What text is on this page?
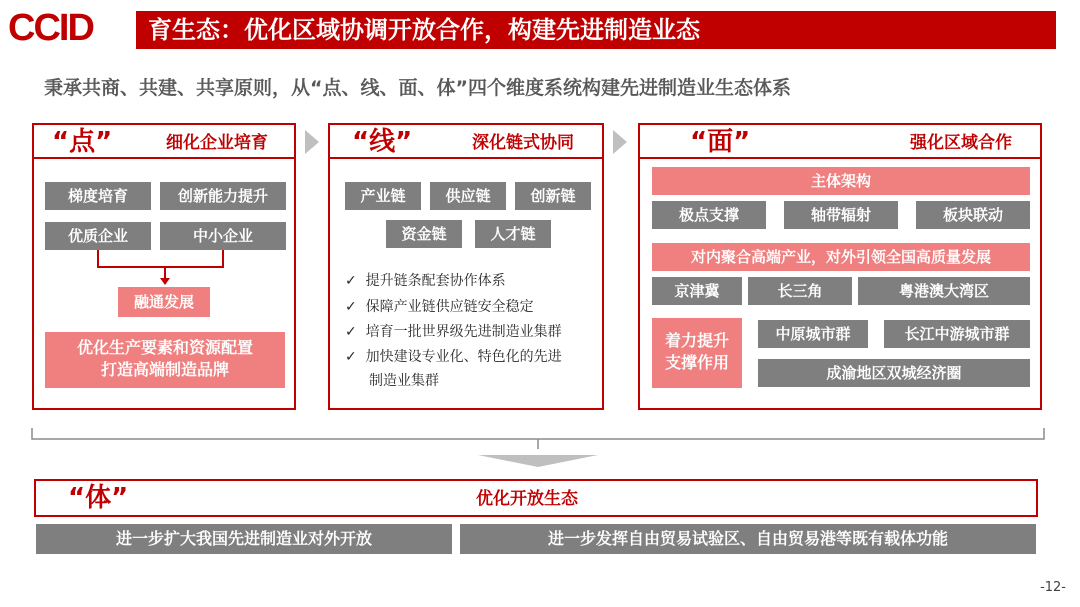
CCID	育生态：优化区域协调开放合作，构建先进制造业态
秉承共商、共建、共享原则，从“点、线、面、体”四个维度系统构建先进制造业生态体系
“点”	细化企业培育
梯度培育	创新能力提升
优质企业	中小企业
融通发展
优化生产要素和资源配置
打造高端制造品牌
“线”	深化链式协同
产业链	供应链	创新链
资金链	人才链
✓ 提升链条配套协作体系
✓ 保障产业链供应链安全稳定
✓ 培育一批世界级先进制造业集群
✓ 加快建设专业化、特色化的先进
制造业集群
“面”	强化区域合作
主体架构
极点支撑	轴带辐射	板块联动
对内聚合高端产业，对外引领全国高质量发展
京津冀	长三角	粤港澳大湾区
着力提升
支撑作用
中原城市群	长江中游城市群
成渝地区双城经济圈
“体”	优化开放生态
进一步扩大我国先进制造业对外开放	进一步发挥自由贸易试验区、自由贸易港等既有载体功能
-12-
